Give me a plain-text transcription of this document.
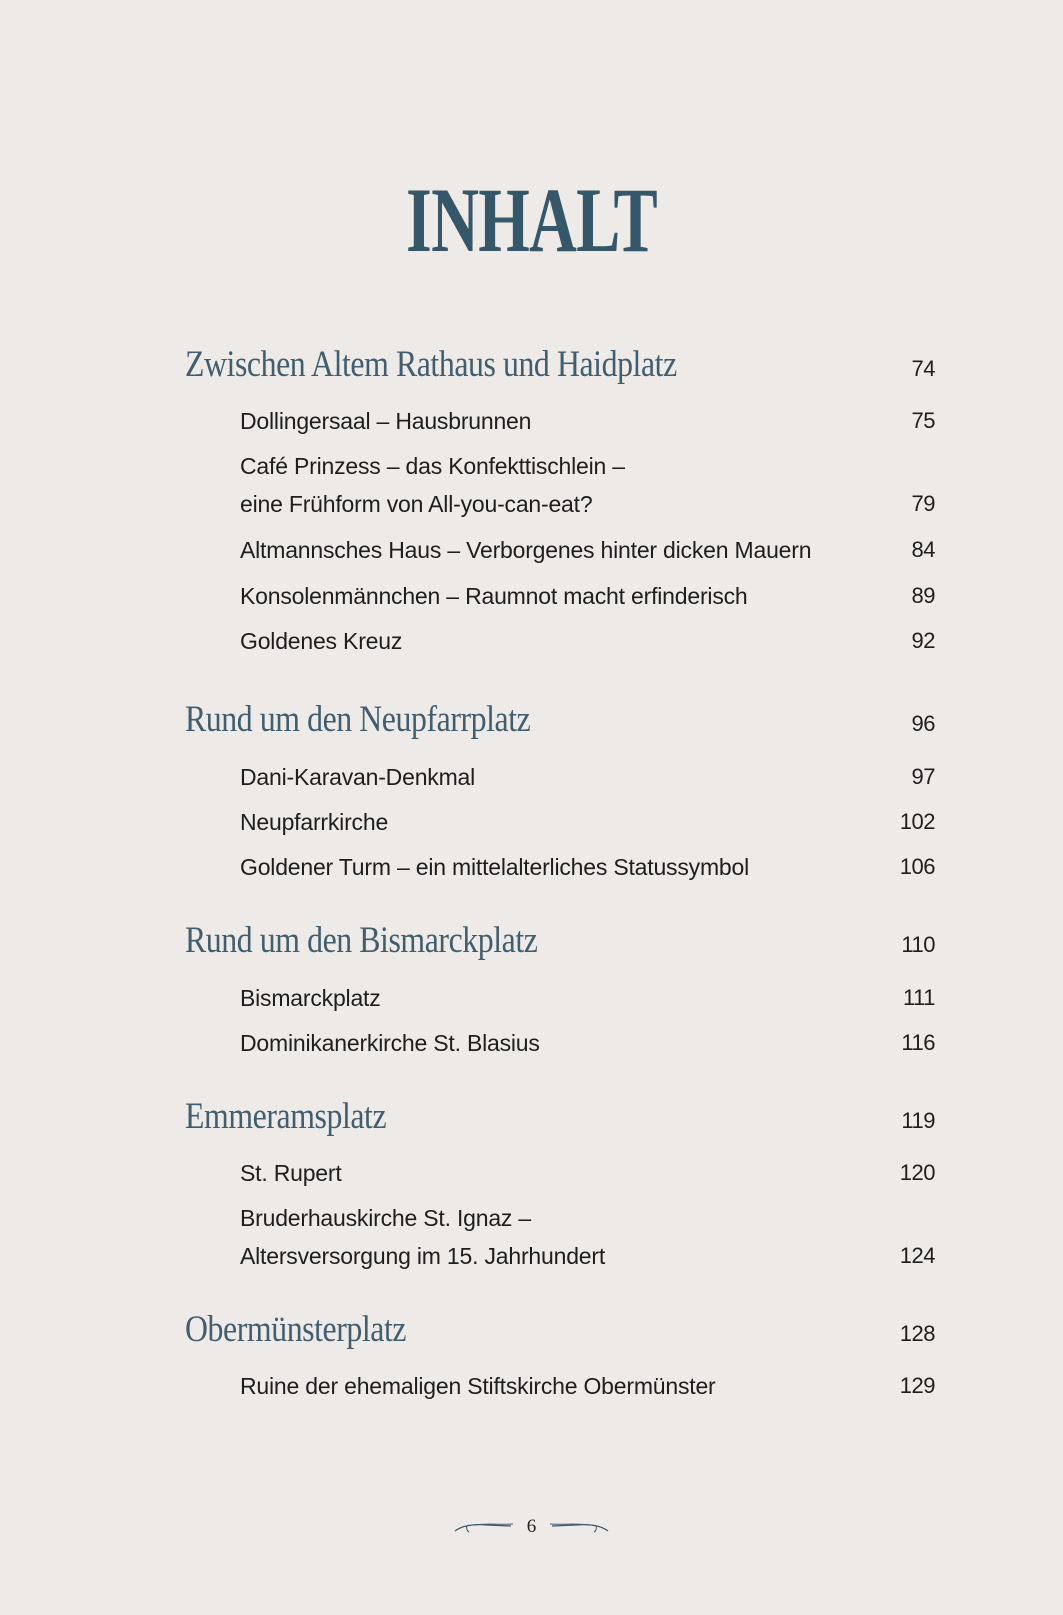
INHALT
Zwischen Altem Rathaus und Haidplatz	74
Dollingersaal – Hausbrunnen	75
Café Prinzess – das Konfekttischlein –
eine Frühform von All-you-can-eat?	79
Altmannsches Haus – Verborgenes hinter dicken Mauern	84
Konsolenmännchen – Raumnot macht erfinderisch	89
Goldenes Kreuz	92
Rund um den Neupfarrplatz	96
Dani-Karavan-Denkmal	97
Neupfarrkirche	102
Goldener Turm – ein mittelalterliches Statussymbol	106
Rund um den Bismarckplatz	110
Bismarckplatz	111
Dominikanerkirche St. Blasius	116
Emmeramsplatz	119
St. Rupert	120
Bruderhauskirche St. Ignaz –
Altersversorgung im 15. Jahrhundert	124
Obermünsterplatz	128
Ruine der ehemaligen Stiftskirche Obermünster	129
6
